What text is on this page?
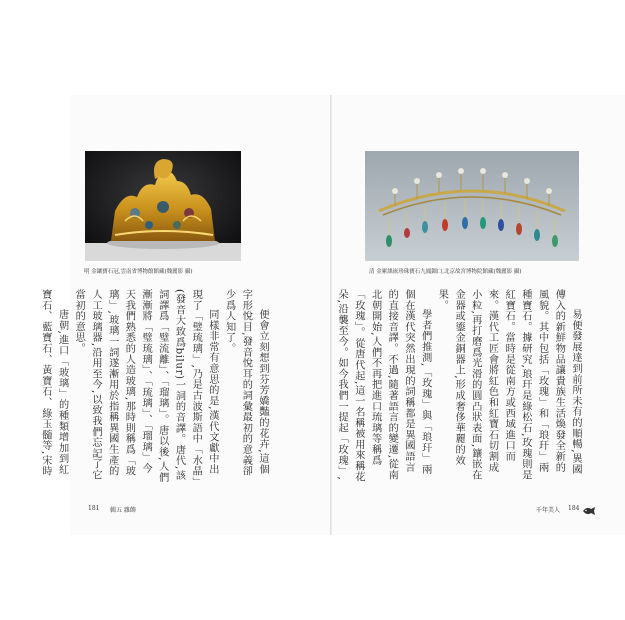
明 金鑲寶石冠,雲南省博物館館藏(魏麗影 攝)	清 金累絲嵌珍珠寶石九鳳鈿口,北京故宮博物院館藏(魏麗影 攝)

便會立刻想到芬芳嬌豔的花卉,這個字形悅目,發音悅耳的詞彙最初的意義卻少爲人知了。

同樣非常有意思的是,漢代文獻中出現了「璧琉璃」,乃是古波斯語中「水晶」(發音大致爲bilur)一詞的音譯。唐代,該詞譯爲「璧流離」、「瑠璃」。唐以後,人們漸漸將「璧琉璃」、「琉璃」、「瑠璃」今天我們熟悉的人造玻璃,那時則稱爲「玻璃」,玻璃一詞遂漸用於指稱異國生產的人工玻璃器,沿用至今,以致我們忘記了它當初的意思。

唐朝,進口「玻璃」的種類增加到紅寶石、藍寶石、黃寶石、綠玉髓等,宋時	易便發展達到前所未有的順暢,異國傳入的新鮮物品讓貴族生活煥發全新的風貌。其中包括「玫瑰」和「琅玕」兩種寶石。據研究,琅玕是綠松石,玫瑰則是紅寶石。當時是從南方或西域進口而來。漢代工匠會將紅色和紅寶石切割成小粒,再打磨爲光滑的圓凸狀表面,鑲嵌在金器或鎏金銅器上,形成奢侈華麗的效果。

學者們推測,「玫瑰」與「琅玕」兩個在漢代突然出現的詞稱都是異國語言的直接音譯。不過,隨著語言的變遷,從南北朝開始,人們不再把進口琉璃等稱爲「玫瑰」。從唐代起,這一名稱被用來稱花朵,沿襲至今。如今我們一提起「玫瑰」,

181 輯五 雜飾	千年美人 184
